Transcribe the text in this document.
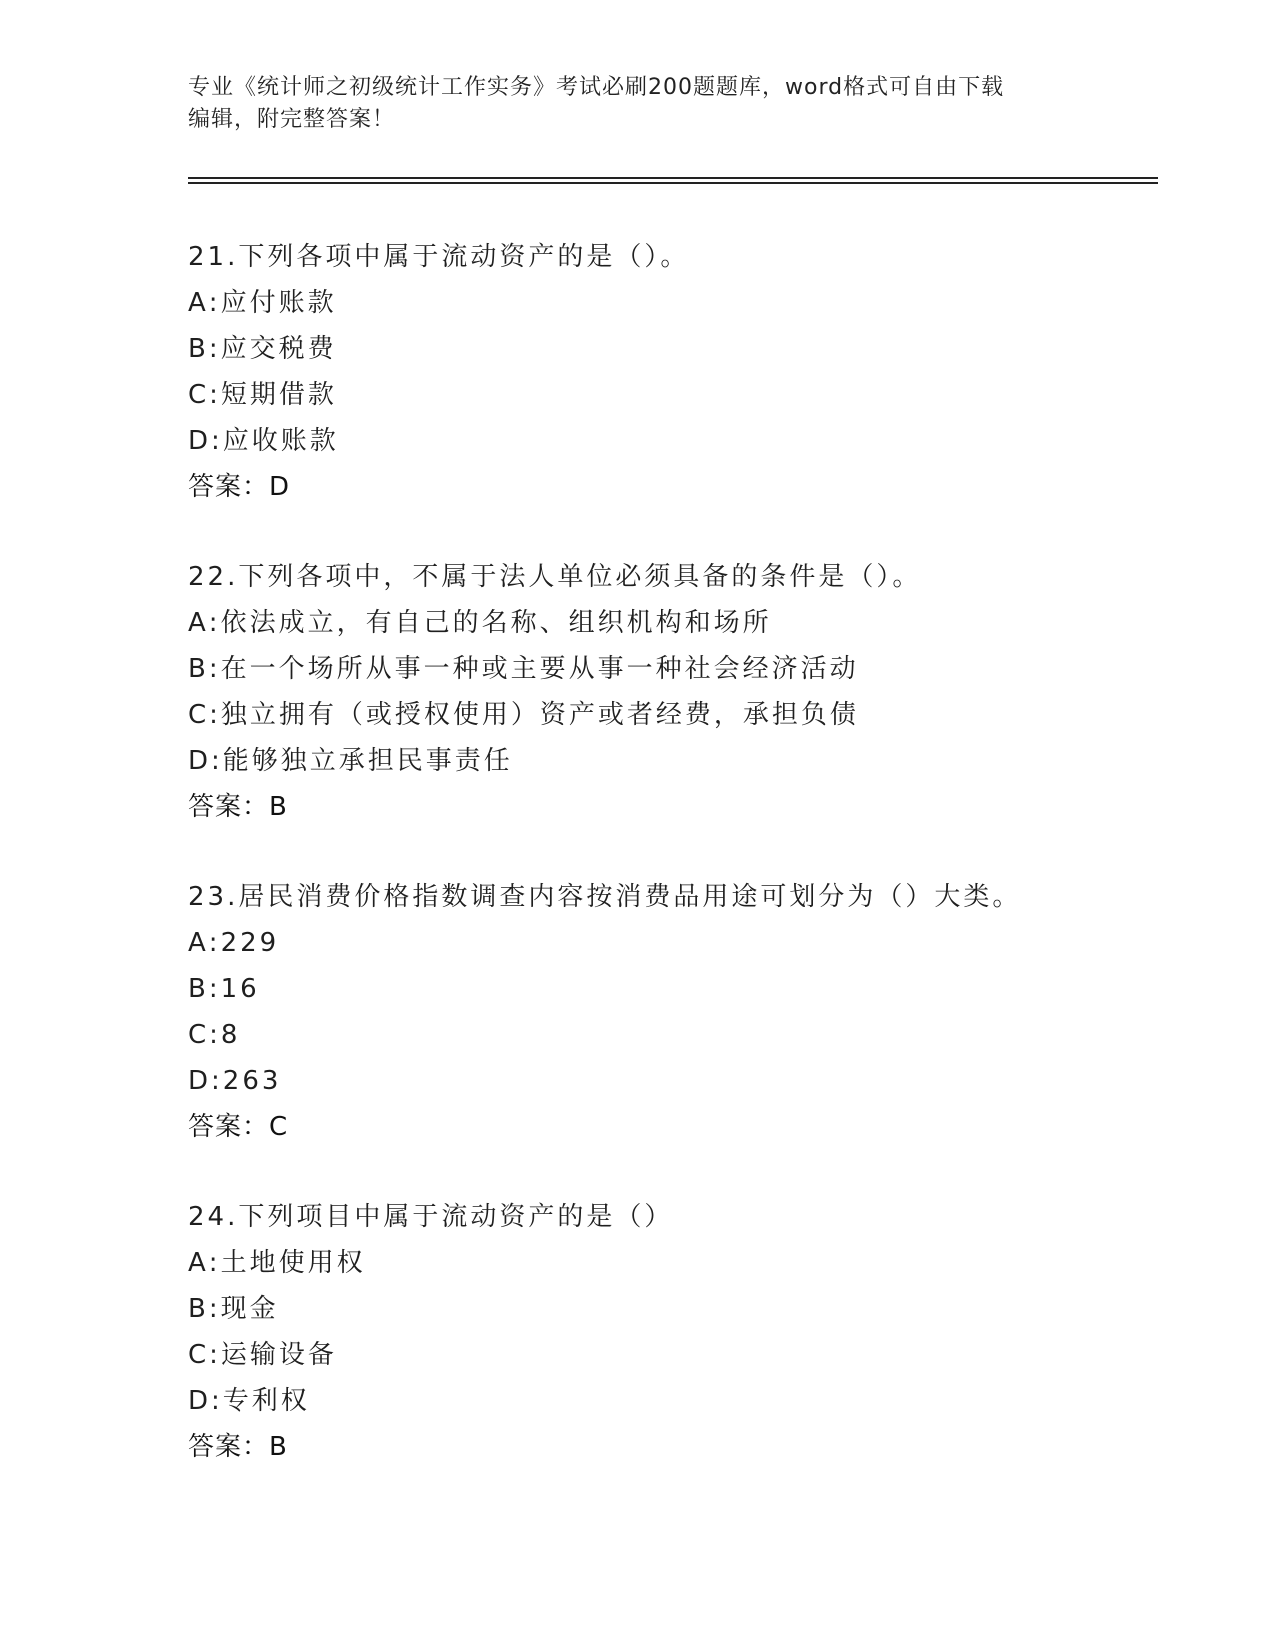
专业《统计师之初级统计工作实务》考试必刷200题题库，word格式可自由下载

编辑，附完整答案！

21.下列各项中属于流动资产的是（）。
A:应付账款
B:应交税费
C:短期借款
D:应收账款
答案：D
22.下列各项中，不属于法人单位必须具备的条件是（）。
A:依法成立，有自己的名称、组织机构和场所
B:在一个场所从事一种或主要从事一种社会经济活动
C:独立拥有（或授权使用）资产或者经费，承担负债
D:能够独立承担民事责任
答案：B
23.居民消费价格指数调查内容按消费品用途可划分为（）大类。
A:229
B:16
C:8
D:263
答案：C
24.下列项目中属于流动资产的是（）
A:土地使用权
B:现金
C:运输设备
D:专利权
答案：B
